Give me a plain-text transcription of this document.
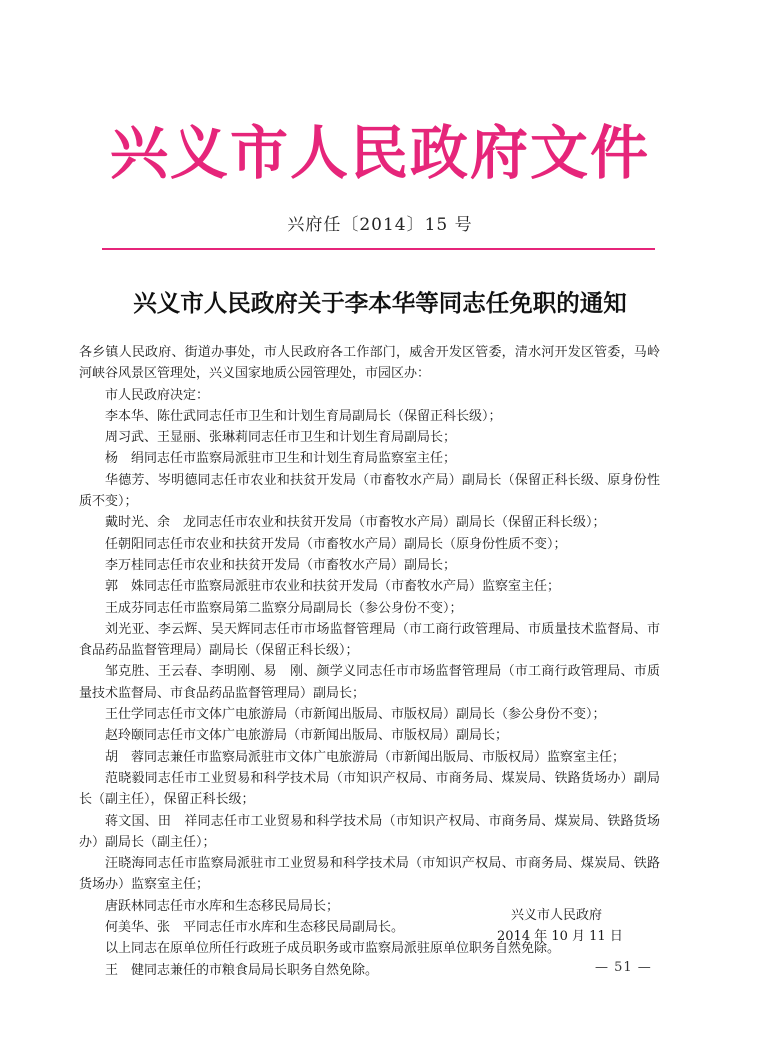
兴义市人民政府文件
兴府任〔2014〕15 号
兴义市人民政府关于李本华等同志任免职的通知

各乡镇人民政府、街道办事处，市人民政府各工作部门，威舍开发区管委，清水河开发区管委，马岭河峡谷风景区管理处，兴义国家地质公园管理处，市园区办：

市人民政府决定：

李本华、陈仕武同志任市卫生和计划生育局副局长（保留正科长级）；

周习武、王显丽、张琳莉同志任市卫生和计划生育局副局长；

杨　绢同志任市监察局派驻市卫生和计划生育局监察室主任；

华德芳、岑明德同志任市农业和扶贫开发局（市畜牧水产局）副局长（保留正科长级、原身份性质不变）；

戴时光、余　龙同志任市农业和扶贫开发局（市畜牧水产局）副局长（保留正科长级）；

任朝阳同志任市农业和扶贫开发局（市畜牧水产局）副局长（原身份性质不变）；

李万桂同志任市农业和扶贫开发局（市畜牧水产局）副局长；

郭　姝同志任市监察局派驻市农业和扶贫开发局（市畜牧水产局）监察室主任；

王成芬同志任市监察局第二监察分局副局长（参公身份不变）；

刘光亚、李云辉、吴天辉同志任市市场监督管理局（市工商行政管理局、市质量技术监督局、市食品药品监督管理局）副局长（保留正科长级）；

邹克胜、王云春、李明刚、易　刚、颜学义同志任市市场监督管理局（市工商行政管理局、市质量技术监督局、市食品药品监督管理局）副局长；

王仕学同志任市文体广电旅游局（市新闻出版局、市版权局）副局长（参公身份不变）；

赵玲颐同志任市文体广电旅游局（市新闻出版局、市版权局）副局长；

胡　蓉同志兼任市监察局派驻市文体广电旅游局（市新闻出版局、市版权局）监察室主任；

范晓毅同志任市工业贸易和科学技术局（市知识产权局、市商务局、煤炭局、铁路货场办）副局长（副主任），保留正科长级；

蒋文国、田　祥同志任市工业贸易和科学技术局（市知识产权局、市商务局、煤炭局、铁路货场办）副局长（副主任）；

汪晓海同志任市监察局派驻市工业贸易和科学技术局（市知识产权局、市商务局、煤炭局、铁路货场办）监察室主任；

唐跃林同志任市水库和生态移民局局长；

何美华、张　平同志任市水库和生态移民局副局长。

以上同志在原单位所任行政班子成员职务或市监察局派驻原单位职务自然免除。

王　健同志兼任的市粮食局局长职务自然免除。

兴义市人民政府
2014 年 10 月 11 日
— 51 —
